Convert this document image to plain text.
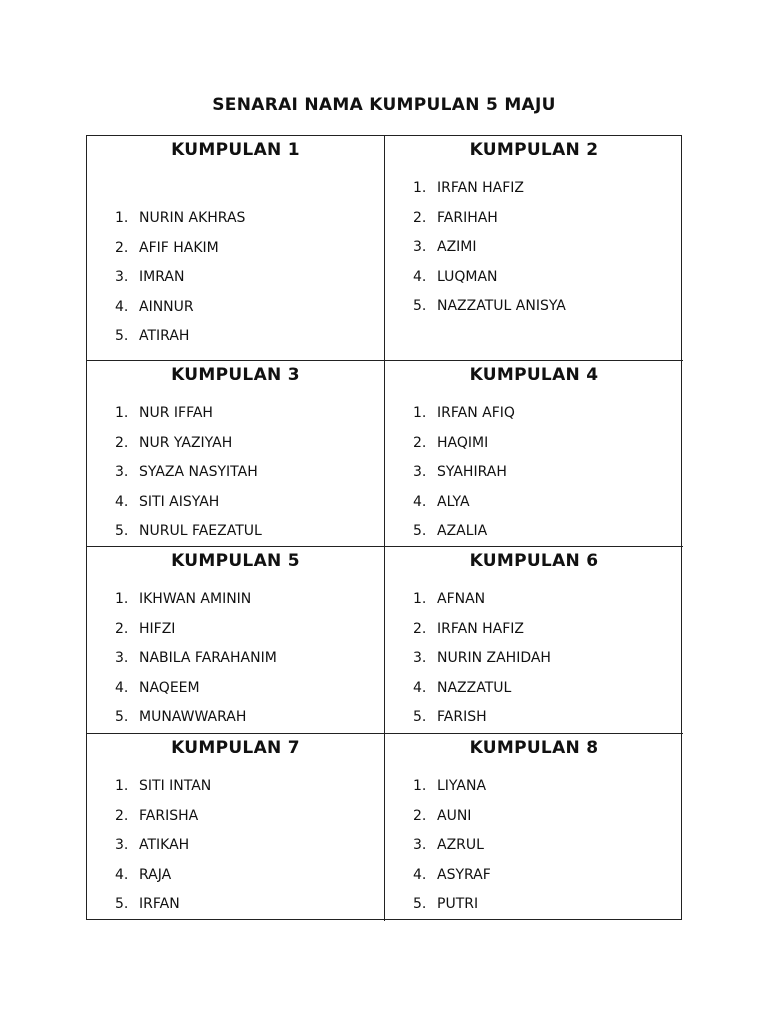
SENARAI NAMA KUMPULAN 5 MAJU
KUMPULAN 1
1. NURIN AKHRAS
2. AFIF HAKIM
3. IMRAN
4. AINNUR
5. ATIRAH
KUMPULAN 2
1. IRFAN HAFIZ
2. FARIHAH
3. AZIMI
4. LUQMAN
5. NAZZATUL ANISYA
KUMPULAN 3
1. NUR IFFAH
2. NUR YAZIYAH
3. SYAZA NASYITAH
4. SITI AISYAH
5. NURUL FAEZATUL
KUMPULAN 4
1. IRFAN AFIQ
2. HAQIMI
3. SYAHIRAH
4. ALYA
5. AZALIA
KUMPULAN 5
1. IKHWAN AMININ
2. HIFZI
3. NABILA FARAHANIM
4. NAQEEM
5. MUNAWWARAH
KUMPULAN 6
1. AFNAN
2. IRFAN HAFIZ
3. NURIN ZAHIDAH
4. NAZZATUL
5. FARISH
KUMPULAN 7
1. SITI INTAN
2. FARISHA
3. ATIKAH
4. RAJA
5. IRFAN
KUMPULAN 8
1. LIYANA
2. AUNI
3. AZRUL
4. ASYRAF
5. PUTRI
